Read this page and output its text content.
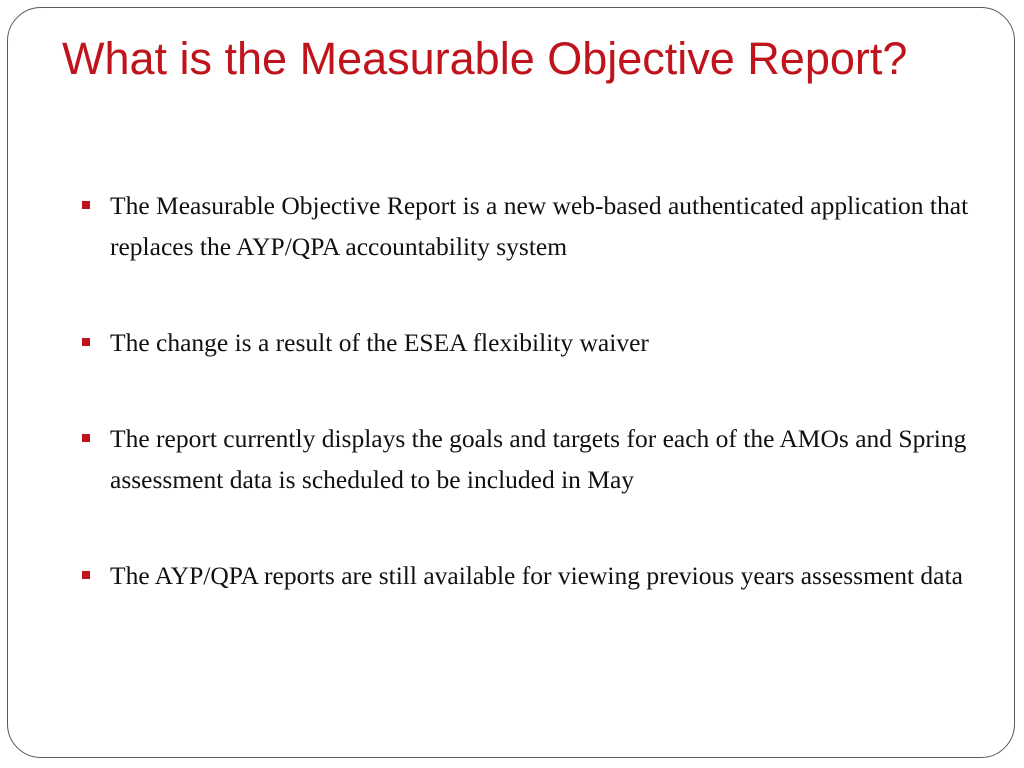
What is the Measurable Objective Report?
The Measurable Objective Report is a new web-based authenticated application that replaces the AYP/QPA accountability system
The change is a result of the ESEA flexibility waiver
The report currently displays the goals and targets for each of the AMOs and Spring assessment data is scheduled to be included in May
The AYP/QPA reports are still available for viewing previous years assessment data
